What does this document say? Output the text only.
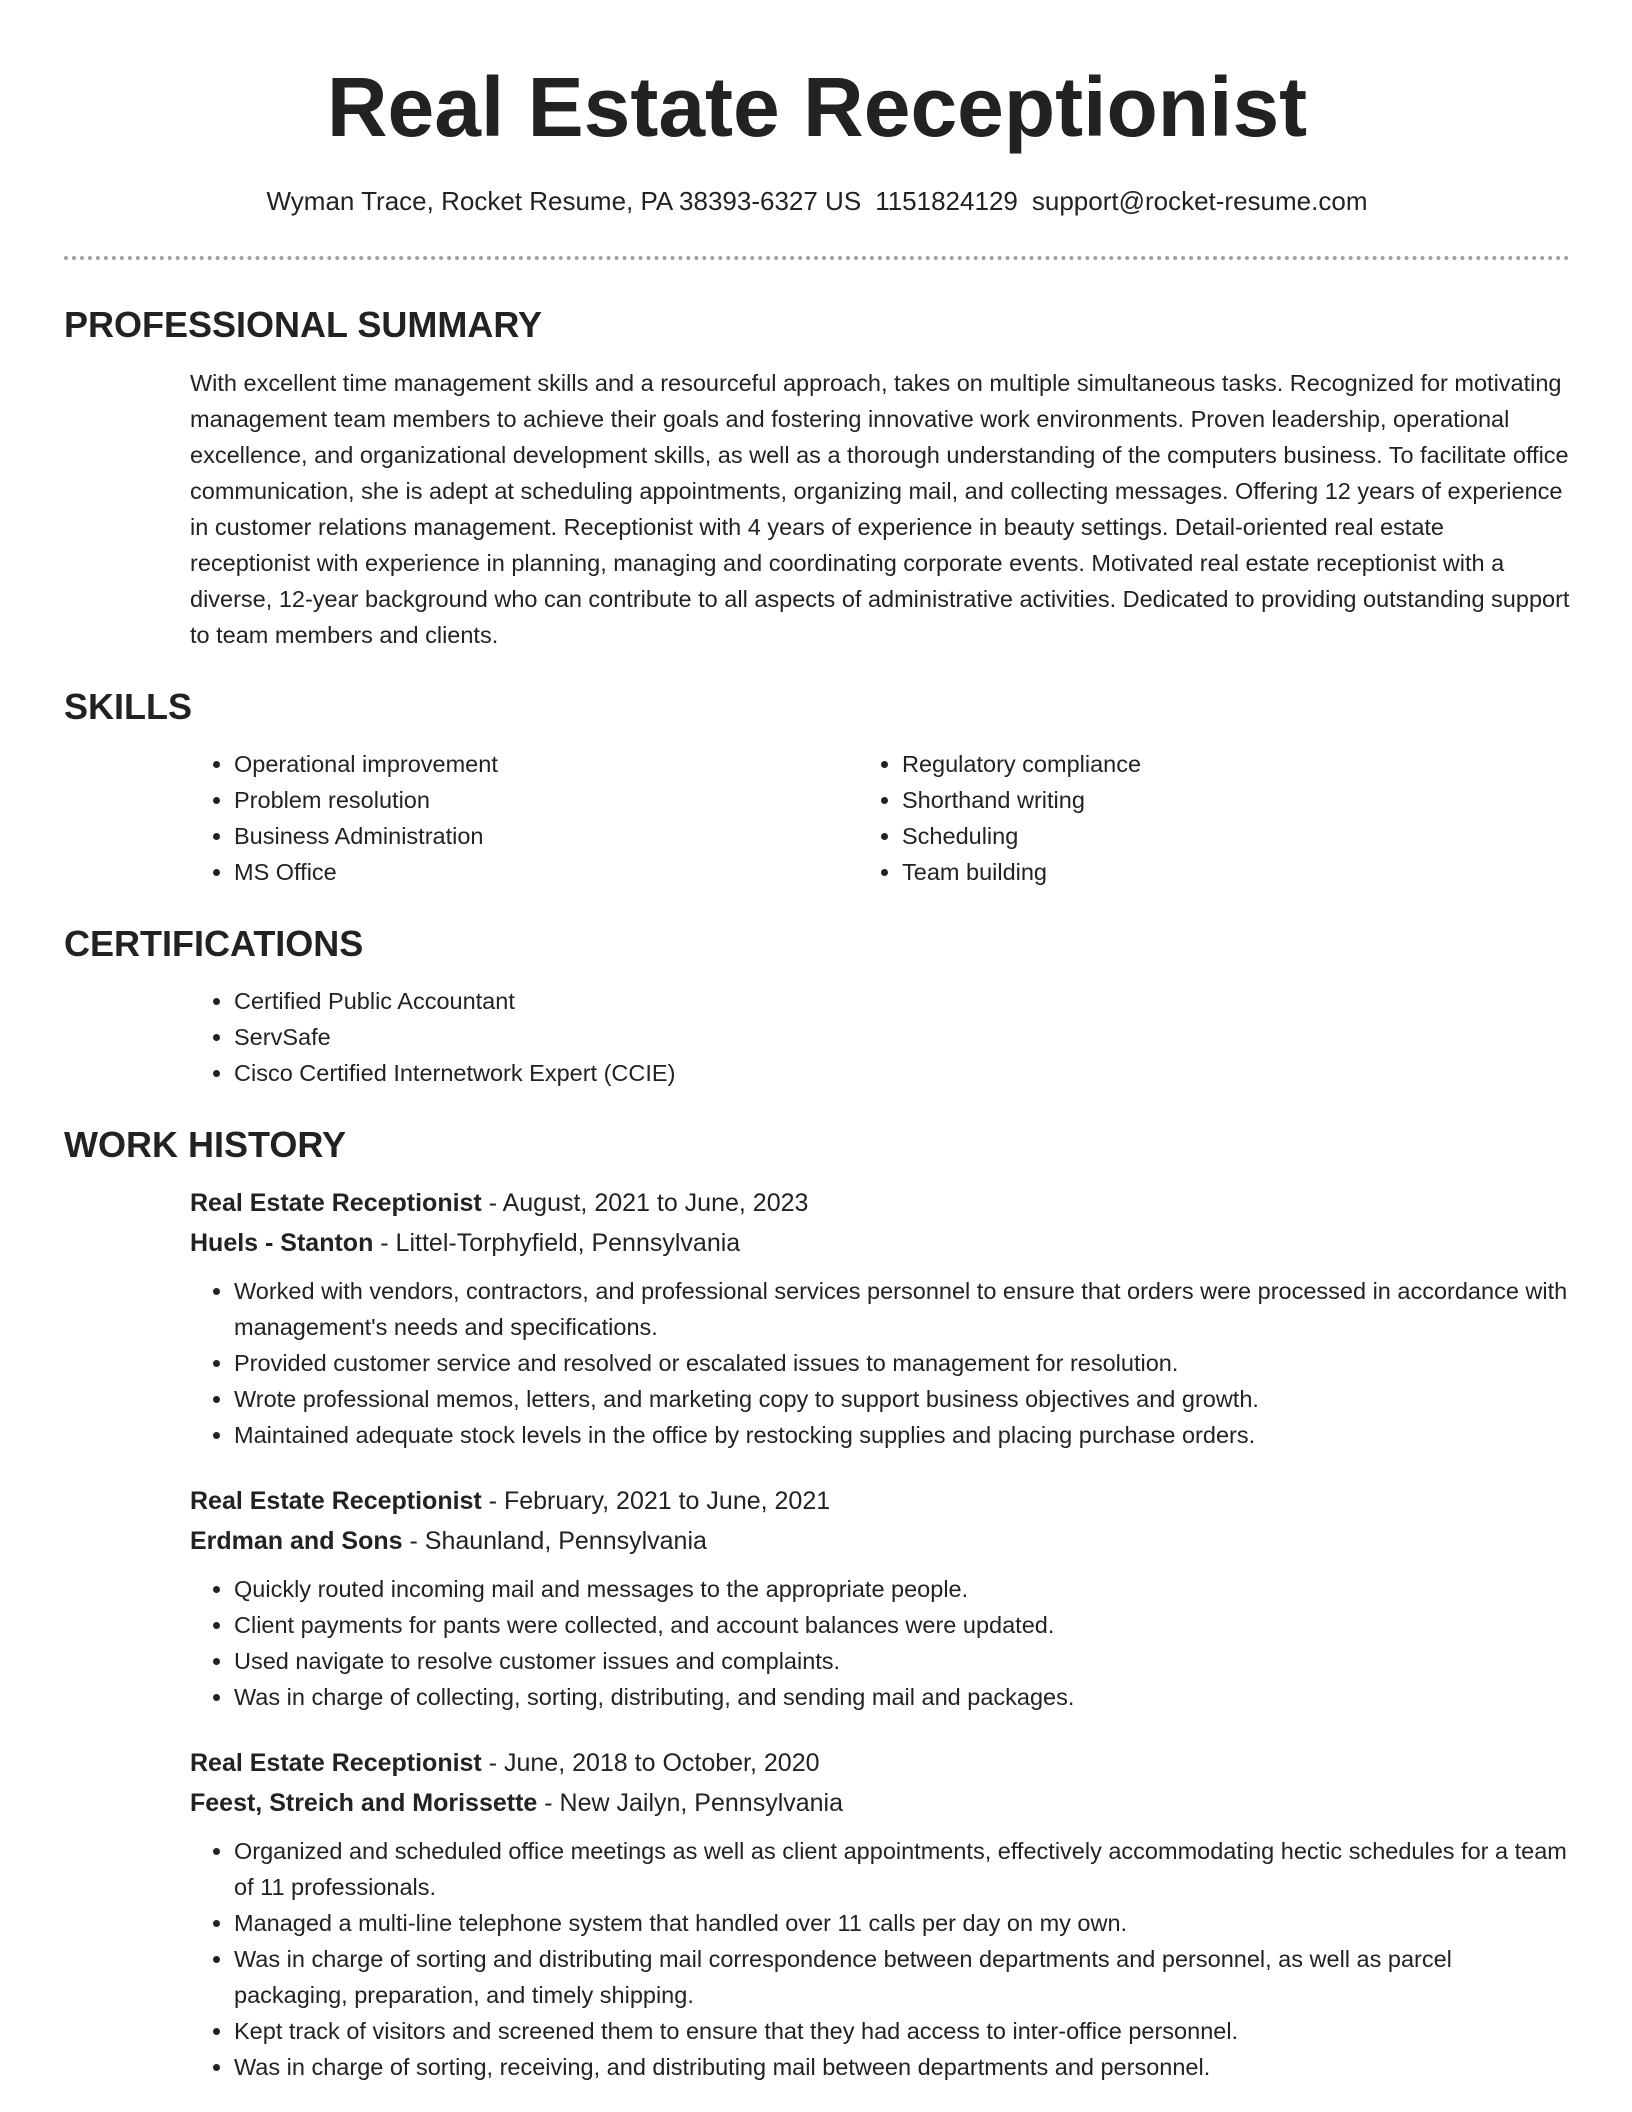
Real Estate Receptionist
Wyman Trace, Rocket Resume, PA 38393-6327 US 1151824129 support@rocket-resume.com
PROFESSIONAL SUMMARY
With excellent time management skills and a resourceful approach, takes on multiple simultaneous tasks. Recognized for motivating management team members to achieve their goals and fostering innovative work environments. Proven leadership, operational excellence, and organizational development skills, as well as a thorough understanding of the computers business. To facilitate office communication, she is adept at scheduling appointments, organizing mail, and collecting messages. Offering 12 years of experience in customer relations management. Receptionist with 4 years of experience in beauty settings. Detail-oriented real estate receptionist with experience in planning, managing and coordinating corporate events. Motivated real estate receptionist with a diverse, 12-year background who can contribute to all aspects of administrative activities. Dedicated to providing outstanding support to team members and clients.
SKILLS
• Operational improvement
• Problem resolution
• Business Administration
• MS Office
• Regulatory compliance
• Shorthand writing
• Scheduling
• Team building
CERTIFICATIONS
• Certified Public Accountant
• ServSafe
• Cisco Certified Internetwork Expert (CCIE)
WORK HISTORY
Real Estate Receptionist - August, 2021 to June, 2023
Huels - Stanton - Littel-Torphyfield, Pennsylvania
• Worked with vendors, contractors, and professional services personnel to ensure that orders were processed in accordance with management's needs and specifications.
• Provided customer service and resolved or escalated issues to management for resolution.
• Wrote professional memos, letters, and marketing copy to support business objectives and growth.
• Maintained adequate stock levels in the office by restocking supplies and placing purchase orders.
Real Estate Receptionist - February, 2021 to June, 2021
Erdman and Sons - Shaunland, Pennsylvania
• Quickly routed incoming mail and messages to the appropriate people.
• Client payments for pants were collected, and account balances were updated.
• Used navigate to resolve customer issues and complaints.
• Was in charge of collecting, sorting, distributing, and sending mail and packages.
Real Estate Receptionist - June, 2018 to October, 2020
Feest, Streich and Morissette - New Jailyn, Pennsylvania
• Organized and scheduled office meetings as well as client appointments, effectively accommodating hectic schedules for a team of 11 professionals.
• Managed a multi-line telephone system that handled over 11 calls per day on my own.
• Was in charge of sorting and distributing mail correspondence between departments and personnel, as well as parcel packaging, preparation, and timely shipping.
• Kept track of visitors and screened them to ensure that they had access to inter-office personnel.
• Was in charge of sorting, receiving, and distributing mail between departments and personnel.
